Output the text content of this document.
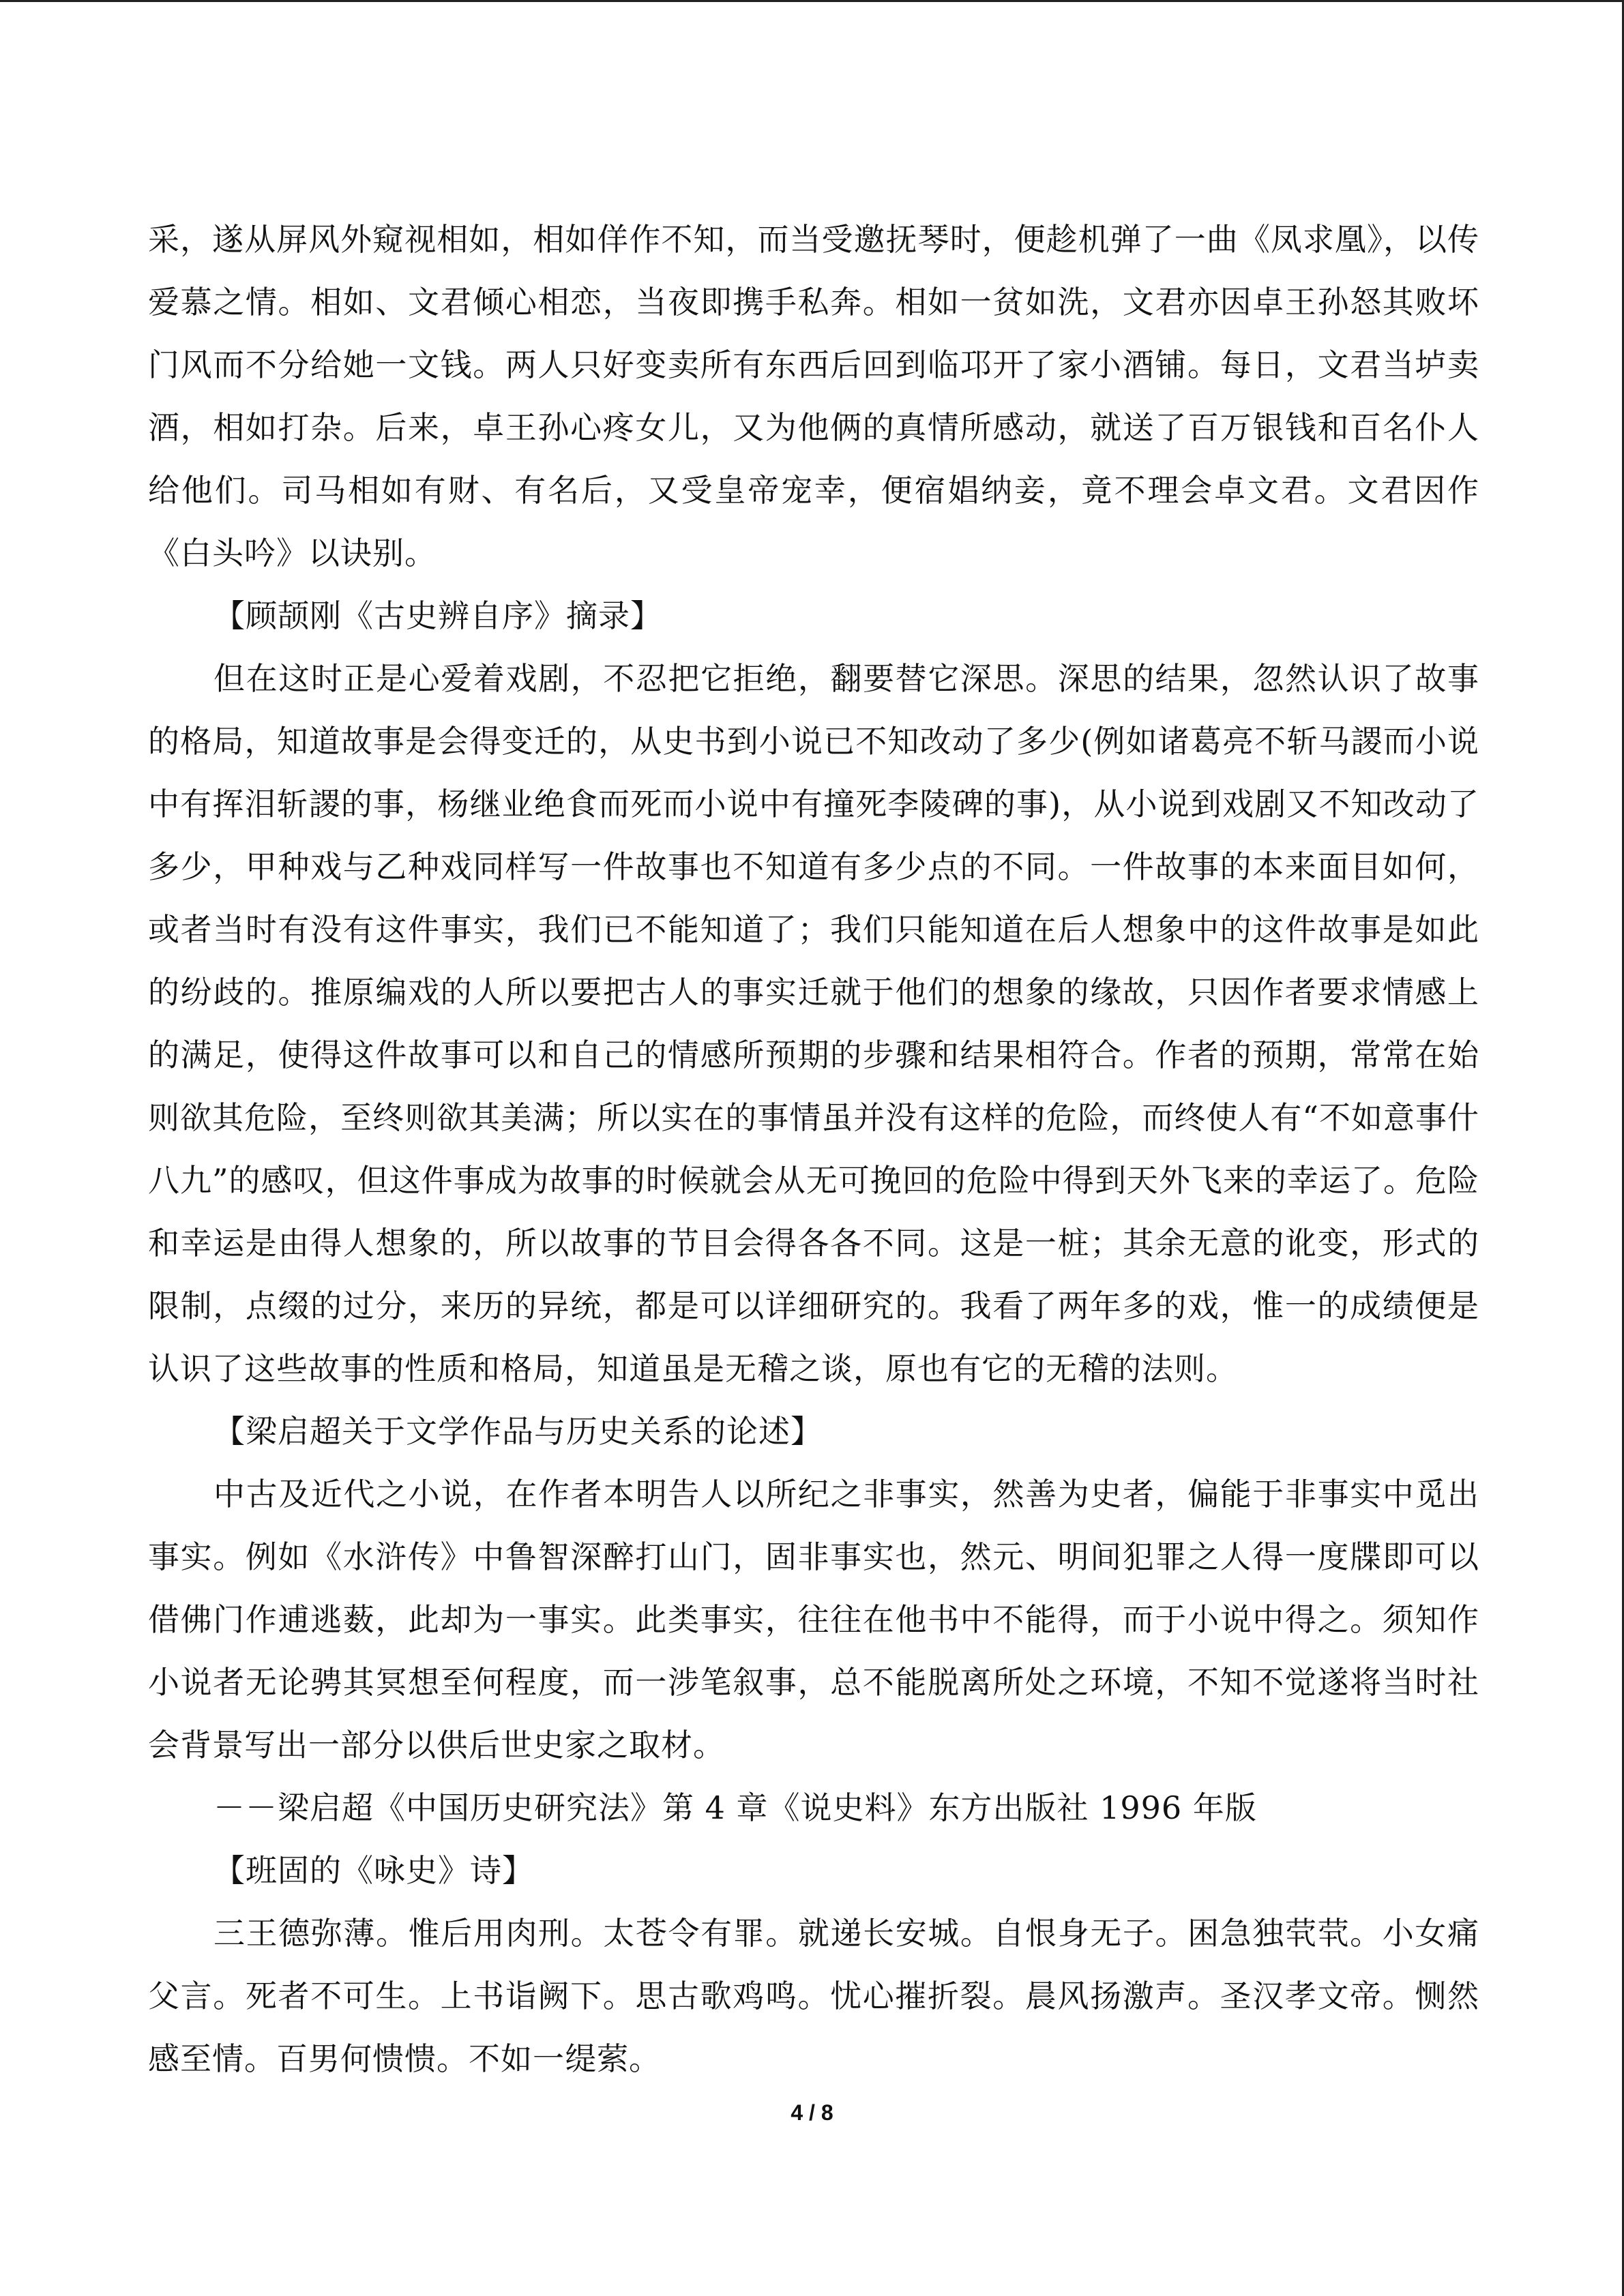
采，遂从屏风外窥视相如，相如佯作不知，而当受邀抚琴时，便趁机弹了一曲《凤求凰》，以传爱慕之情。相如、文君倾心相恋，当夜即携手私奔。相如一贫如洗，文君亦因卓王孙怒其败坏门风而不分给她一文钱。两人只好变卖所有东西后回到临邛开了家小酒铺。每日，文君当垆卖酒，相如打杂。后来，卓王孙心疼女儿，又为他俩的真情所感动，就送了百万银钱和百名仆人给他们。司马相如有财、有名后，又受皇帝宠幸，便宿娼纳妾，竟不理会卓文君。文君因作《白头吟》以诀别。

【顾颉刚《古史辨自序》摘录】

但在这时正是心爱着戏剧，不忍把它拒绝，翻要替它深思。深思的结果，忽然认识了故事的格局，知道故事是会得变迁的，从史书到小说已不知改动了多少(例如诸葛亮不斩马謖而小说中有挥泪斩謖的事，杨继业绝食而死而小说中有撞死李陵碑的事)，从小说到戏剧又不知改动了多少，甲种戏与乙种戏同样写一件故事也不知道有多少点的不同。一件故事的本来面目如何，或者当时有没有这件事实，我们已不能知道了；我们只能知道在后人想象中的这件故事是如此的纷歧的。推原编戏的人所以要把古人的事实迁就于他们的想象的缘故，只因作者要求情感上的满足，使得这件故事可以和自己的情感所预期的步骤和结果相符合。作者的预期，常常在始则欲其危险，至终则欲其美满；所以实在的事情虽并没有这样的危险，而终使人有“不如意事什八九”的感叹，但这件事成为故事的时候就会从无可挽回的危险中得到天外飞来的幸运了。危险和幸运是由得人想象的，所以故事的节目会得各各不同。这是一桩；其余无意的讹变，形式的限制，点缀的过分，来历的异统，都是可以详细研究的。我看了两年多的戏，惟一的成绩便是认识了这些故事的性质和格局，知道虽是无稽之谈，原也有它的无稽的法则。

【梁启超关于文学作品与历史关系的论述】

中古及近代之小说，在作者本明告人以所纪之非事实，然善为史者，偏能于非事实中觅出事实。例如《水浒传》中鲁智深醉打山门，固非事实也，然元、明间犯罪之人得一度牒即可以借佛门作逋逃薮，此却为一事实。此类事实，往往在他书中不能得，而于小说中得之。须知作小说者无论骋其冥想至何程度，而一涉笔叙事，总不能脱离所处之环境，不知不觉遂将当时社会背景写出一部分以供后世史家之取材。

－－梁启超《中国历史研究法》第 4 章《说史料》东方出版社 1996 年版

【班固的《咏史》诗】

三王德弥薄。惟后用肉刑。太苍令有罪。就递长安城。自恨身无子。困急独茕茕。小女痛父言。死者不可生。上书诣阙下。思古歌鸡鸣。忧心摧折裂。晨风扬激声。圣汉孝文帝。恻然感至情。百男何愦愦。不如一缇萦。

4 / 8
